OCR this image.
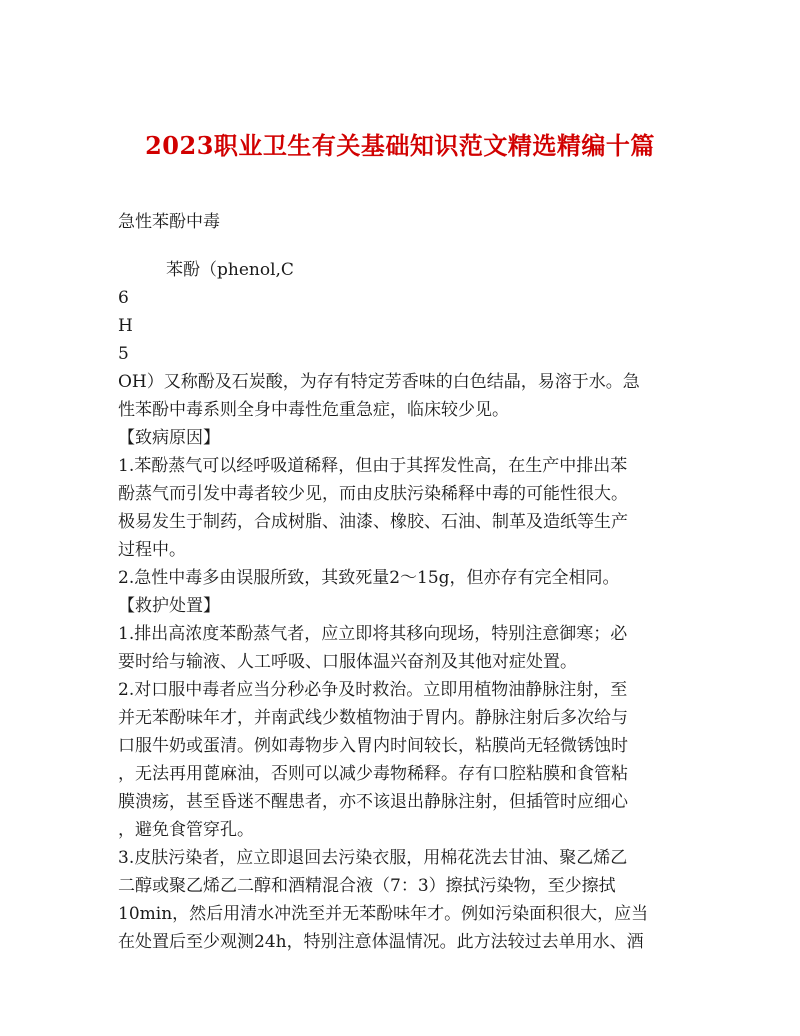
2023职业卫生有关基础知识范文精选精编十篇
急性苯酚中毒
苯酚（phenol,C
6
H
5
OH）又称酚及石炭酸，为存有特定芳香味的白色结晶，易溶于水。急
性苯酚中毒系则全身中毒性危重急症，临床较少见。
【致病原因】
1.苯酚蒸气可以经呼吸道稀释，但由于其挥发性高，在生产中排出苯
酚蒸气而引发中毒者较少见，而由皮肤污染稀释中毒的可能性很大。
极易发生于制药，合成树脂、油漆、橡胶、石油、制革及造纸等生产
过程中。
2.急性中毒多由误服所致，其致死量2～15g，但亦存有完全相同。
【救护处置】
1.排出高浓度苯酚蒸气者，应立即将其移向现场，特别注意御寒；必
要时给与输液、人工呼吸、口服体温兴奋剂及其他对症处置。
2.对口服中毒者应当分秒必争及时救治。立即用植物油静脉注射，至
并无苯酚味年才，并南武线少数植物油于胃内。静脉注射后多次给与
口服牛奶或蛋清。例如毒物步入胃内时间较长，粘膜尚无轻微锈蚀时
，无法再用蓖麻油，否则可以减少毒物稀释。存有口腔粘膜和食管粘
膜溃疡，甚至昏迷不醒患者，亦不该退出静脉注射，但插管时应细心
，避免食管穿孔。
3.皮肤污染者，应立即退回去污染衣服，用棉花洗去甘油、聚乙烯乙
二醇或聚乙烯乙二醇和酒精混合液（7：3）擦拭污染物，至少擦拭
10min，然后用清水冲洗至并无苯酚味年才。例如污染面积很大，应当
在处置后至少观测24h，特别注意体温情况。此方法较过去单用水、酒
